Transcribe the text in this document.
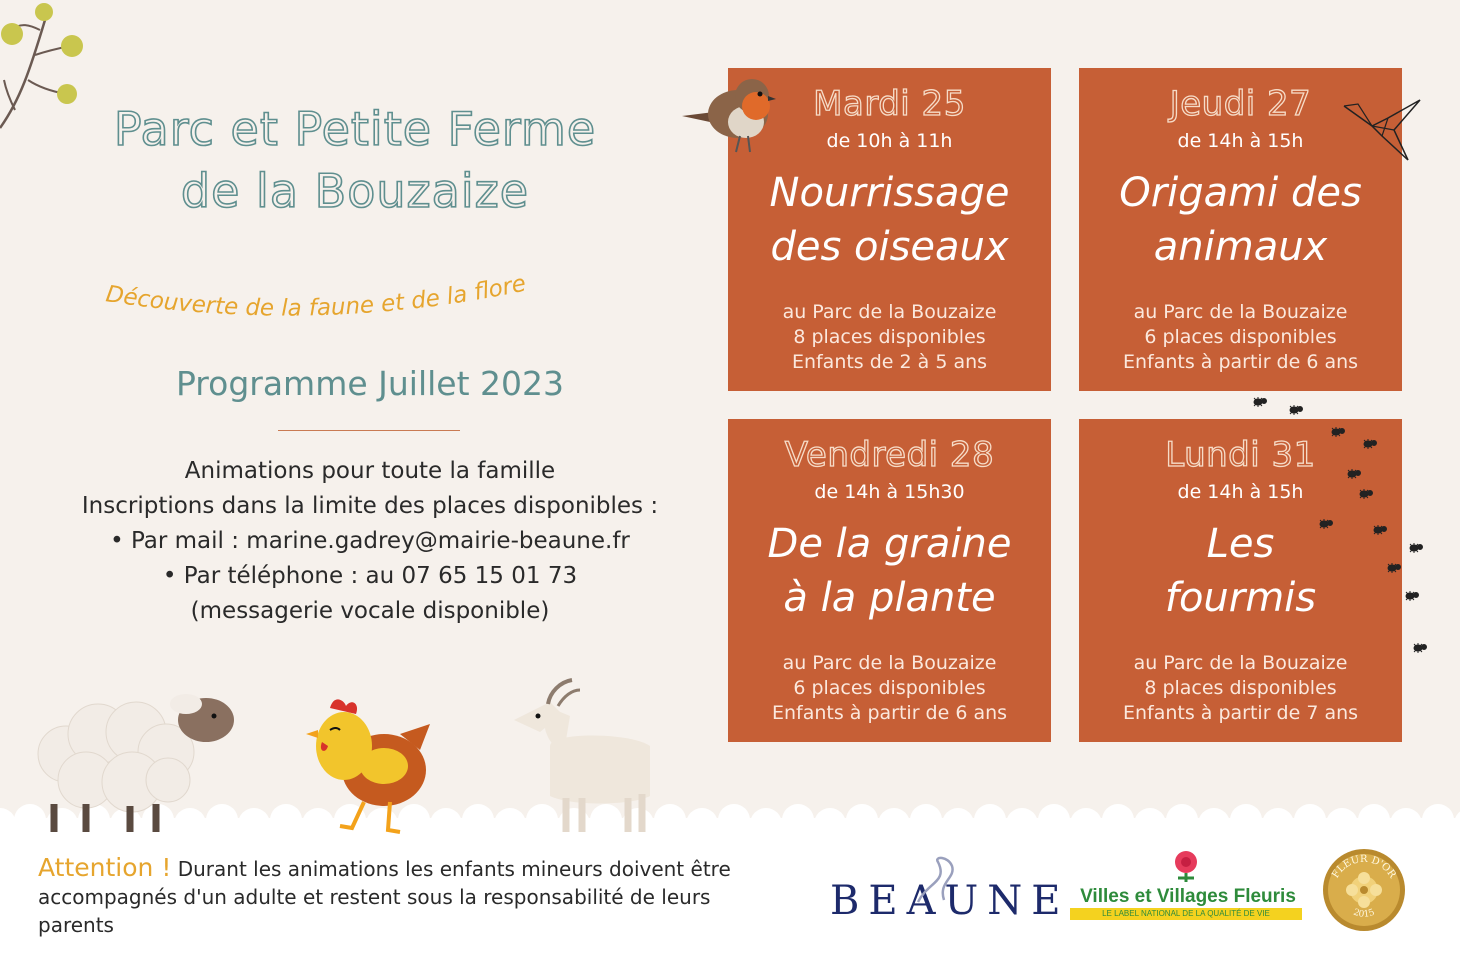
Parc et Petite Ferme
de la Bouzaize
Découverte de la faune et de la flore
Programme Juillet 2023
Animations pour toute la famille
Inscriptions dans la limite des places disponibles :
• Par mail : marine.gadrey@mairie-beaune.fr
• Par téléphone : au 07 65 15 01 73
(messagerie vocale disponible)
Mardi 25
de 10h à 11h
Nourrissage
des oiseaux
au Parc de la Bouzaize
8 places disponibles
Enfants de 2 à 5 ans
Jeudi 27
de 14h à 15h
Origami des
animaux
au Parc de la Bouzaize
6 places disponibles
Enfants à partir de 6 ans
Vendredi 28
de 14h à 15h30
De la graine
à la plante
au Parc de la Bouzaize
6 places disponibles
Enfants à partir de 6 ans
Lundi 31
de 14h à 15h
Les
fourmis
au Parc de la Bouzaize
8 places disponibles
Enfants à partir de 7 ans
Attention ! Durant les animations les enfants mineurs doivent être accompagnés d'un adulte et restent sous la responsabilité de leurs parents
BEAUNE Villes et Villages Fleuris
LE LABEL NATIONAL DE LA QUALITÉ DE VIE
FLEUR D'OR
2015
